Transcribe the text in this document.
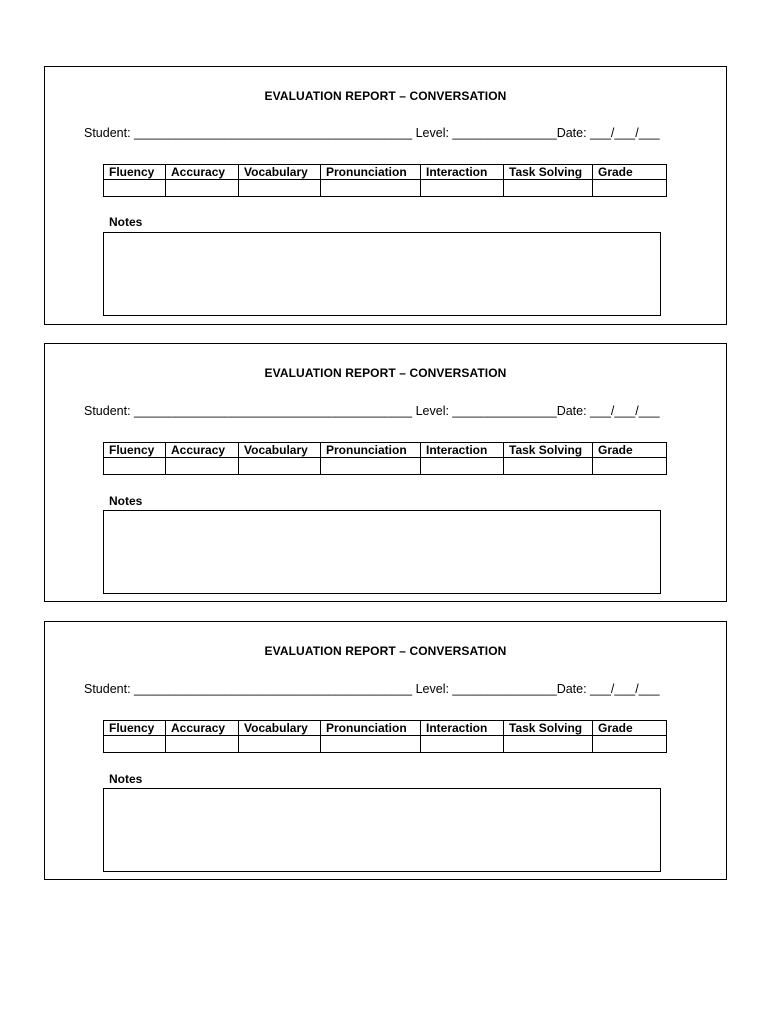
EVALUATION REPORT – CONVERSATION
Student: ________________________________________ Level: _______________Date: ___/___/___
Fluency	Accuracy	Vocabulary	Pronunciation	Interaction	Task Solving	Grade

Notes
EVALUATION REPORT – CONVERSATION
Student: ________________________________________ Level: _______________Date: ___/___/___
Fluency	Accuracy	Vocabulary	Pronunciation	Interaction	Task Solving	Grade

Notes
EVALUATION REPORT – CONVERSATION
Student: ________________________________________ Level: _______________Date: ___/___/___
Fluency	Accuracy	Vocabulary	Pronunciation	Interaction	Task Solving	Grade

Notes
